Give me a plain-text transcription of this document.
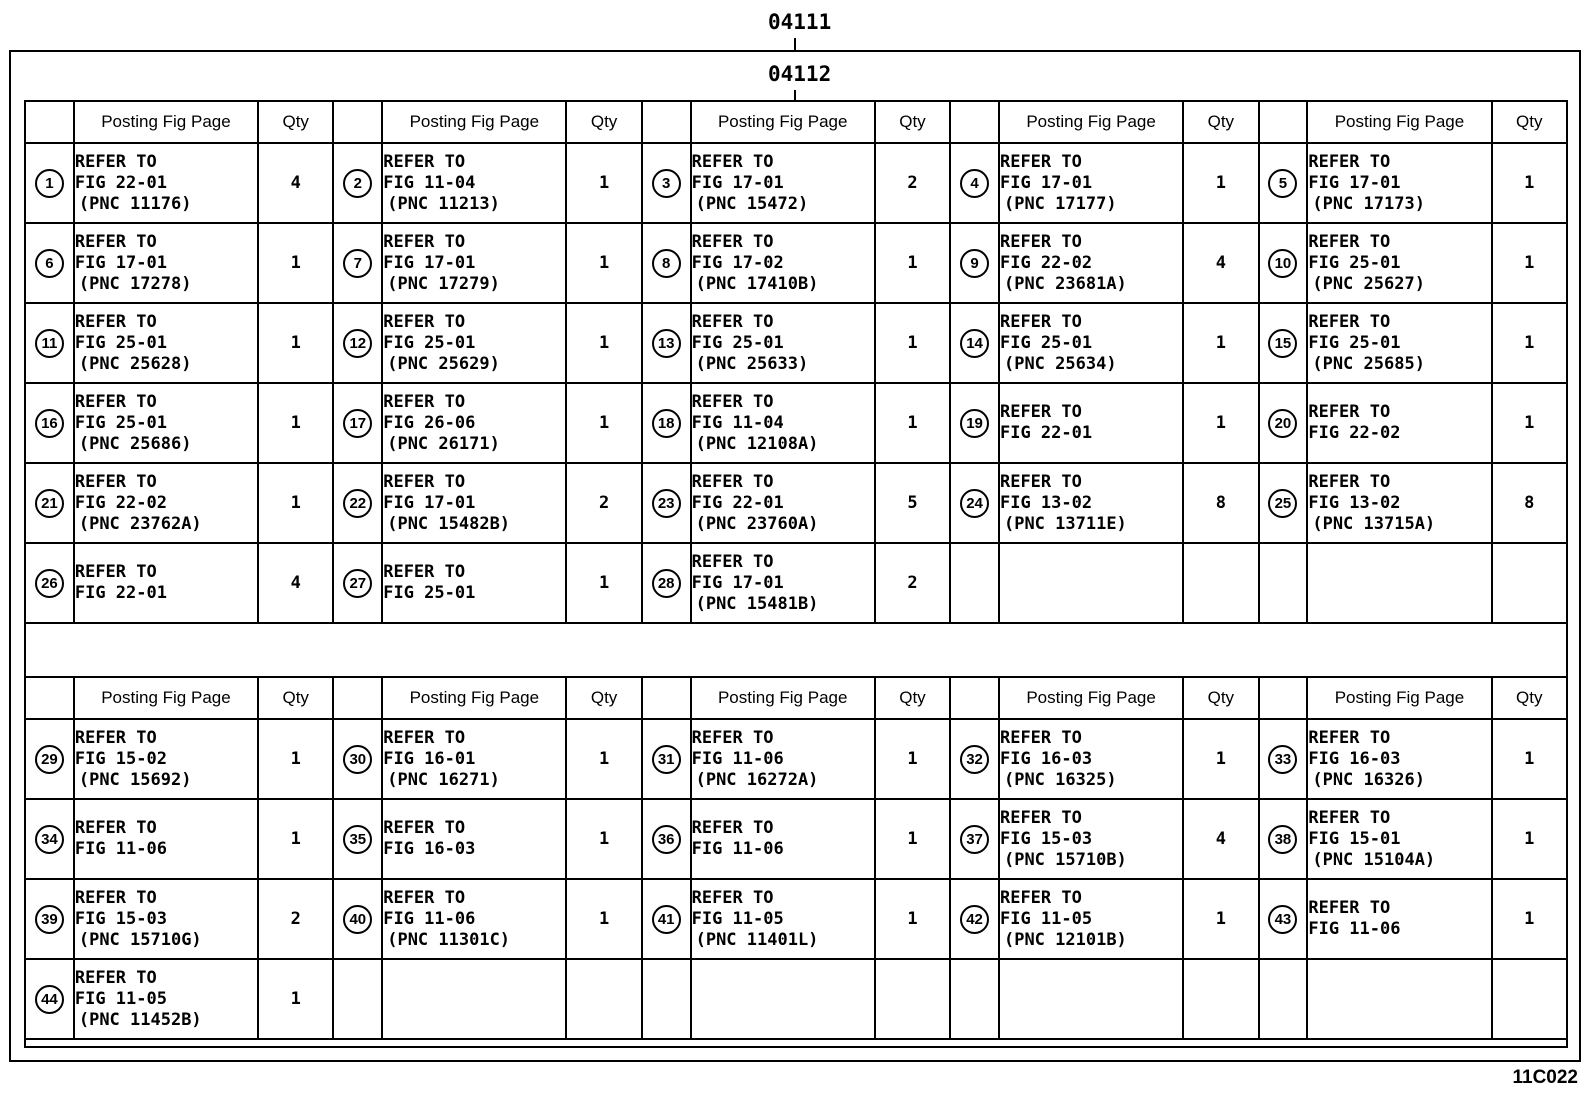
04111
04112
	Posting Fig Page	Qty		Posting Fig Page	Qty		Posting Fig Page	Qty		Posting Fig Page	Qty		Posting Fig Page	Qty
1	REFER TO
FIG 22-01
(PNC 11176)	4	2	REFER TO
FIG 11-04
(PNC 11213)	1	3	REFER TO
FIG 17-01
(PNC 15472)	2	4	REFER TO
FIG 17-01
(PNC 17177)	1	5	REFER TO
FIG 17-01
(PNC 17173)	1
6	REFER TO
FIG 17-01
(PNC 17278)	1	7	REFER TO
FIG 17-01
(PNC 17279)	1	8	REFER TO
FIG 17-02
(PNC 17410B)	1	9	REFER TO
FIG 22-02
(PNC 23681A)	4	10	REFER TO
FIG 25-01
(PNC 25627)	1
11	REFER TO
FIG 25-01
(PNC 25628)	1	12	REFER TO
FIG 25-01
(PNC 25629)	1	13	REFER TO
FIG 25-01
(PNC 25633)	1	14	REFER TO
FIG 25-01
(PNC 25634)	1	15	REFER TO
FIG 25-01
(PNC 25685)	1
16	REFER TO
FIG 25-01
(PNC 25686)	1	17	REFER TO
FIG 26-06
(PNC 26171)	1	18	REFER TO
FIG 11-04
(PNC 12108A)	1	19	REFER TO
FIG 22-01	1	20	REFER TO
FIG 22-02	1
21	REFER TO
FIG 22-02
(PNC 23762A)	1	22	REFER TO
FIG 17-01
(PNC 15482B)	2	23	REFER TO
FIG 22-01
(PNC 23760A)	5	24	REFER TO
FIG 13-02
(PNC 13711E)	8	25	REFER TO
FIG 13-02
(PNC 13715A)	8
26	REFER TO
FIG 22-01	4	27	REFER TO
FIG 25-01	1	28	REFER TO
FIG 17-01
(PNC 15481B)	2						
	Posting Fig Page	Qty		Posting Fig Page	Qty		Posting Fig Page	Qty		Posting Fig Page	Qty		Posting Fig Page	Qty
29	REFER TO
FIG 15-02
(PNC 15692)	1	30	REFER TO
FIG 16-01
(PNC 16271)	1	31	REFER TO
FIG 11-06
(PNC 16272A)	1	32	REFER TO
FIG 16-03
(PNC 16325)	1	33	REFER TO
FIG 16-03
(PNC 16326)	1
34	REFER TO
FIG 11-06	1	35	REFER TO
FIG 16-03	1	36	REFER TO
FIG 11-06	1	37	REFER TO
FIG 15-03
(PNC 15710B)	4	38	REFER TO
FIG 15-01
(PNC 15104A)	1
39	REFER TO
FIG 15-03
(PNC 15710G)	2	40	REFER TO
FIG 11-06
(PNC 11301C)	1	41	REFER TO
FIG 11-05
(PNC 11401L)	1	42	REFER TO
FIG 11-05
(PNC 12101B)	1	43	REFER TO
FIG 11-06	1
44	REFER TO
FIG 11-05
(PNC 11452B)	1												
11C022
